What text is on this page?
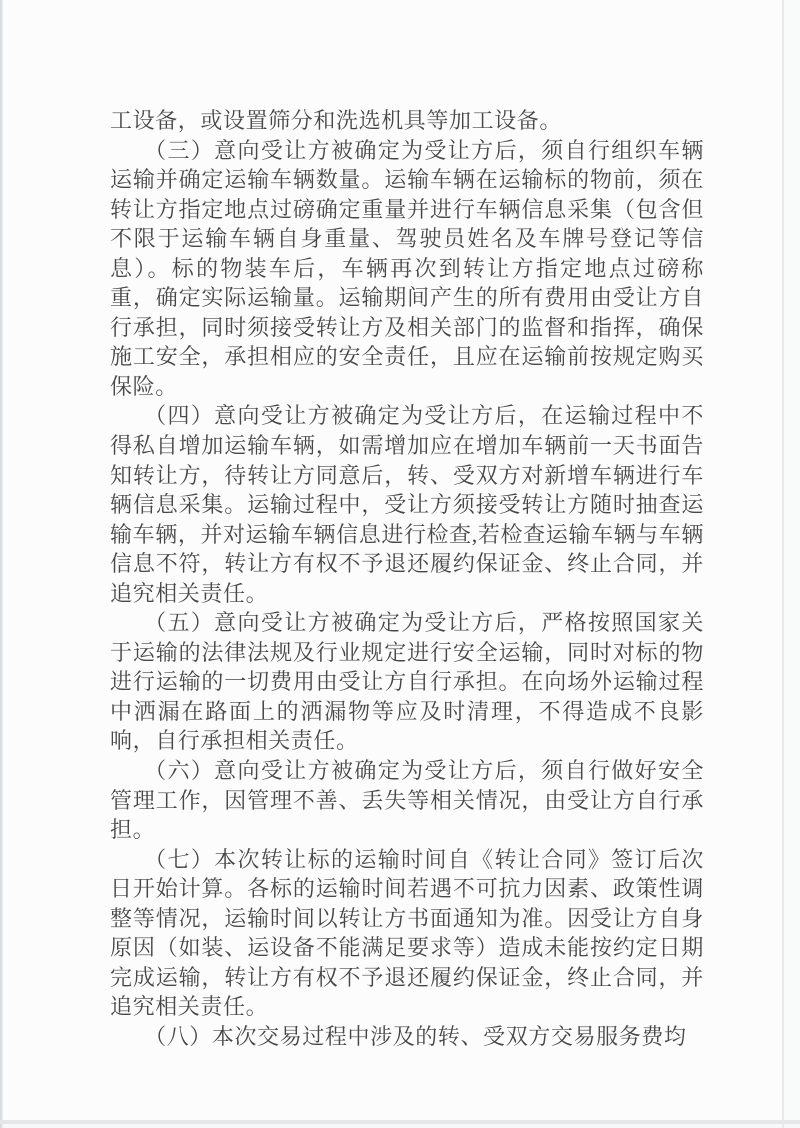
工设备，或设置筛分和洗选机具等加工设备。

（三）意向受让方被确定为受让方后，须自行组织车辆运输并确定运输车辆数量。运输车辆在运输标的物前，须在转让方指定地点过磅确定重量并进行车辆信息采集（包含但不限于运输车辆自身重量、驾驶员姓名及车牌号登记等信息）。标的物装车后，车辆再次到转让方指定地点过磅称重，确定实际运输量。运输期间产生的所有费用由受让方自行承担，同时须接受转让方及相关部门的监督和指挥，确保施工安全，承担相应的安全责任，且应在运输前按规定购买保险。

（四）意向受让方被确定为受让方后，在运输过程中不得私自增加运输车辆，如需增加应在增加车辆前一天书面告知转让方，待转让方同意后，转、受双方对新增车辆进行车辆信息采集。运输过程中，受让方须接受转让方随时抽查运输车辆，并对运输车辆信息进行检查,若检查运输车辆与车辆信息不符，转让方有权不予退还履约保证金、终止合同，并追究相关责任。

（五）意向受让方被确定为受让方后，严格按照国家关于运输的法律法规及行业规定进行安全运输，同时对标的物进行运输的一切费用由受让方自行承担。在向场外运输过程中洒漏在路面上的洒漏物等应及时清理，不得造成不良影响，自行承担相关责任。

（六）意向受让方被确定为受让方后，须自行做好安全管理工作，因管理不善、丢失等相关情况，由受让方自行承担。

（七）本次转让标的运输时间自《转让合同》签订后次日开始计算。各标的运输时间若遇不可抗力因素、政策性调整等情况，运输时间以转让方书面通知为准。因受让方自身原因（如装、运设备不能满足要求等）造成未能按约定日期完成运输，转让方有权不予退还履约保证金，终止合同，并追究相关责任。

（八）本次交易过程中涉及的转、受双方交易服务费均
